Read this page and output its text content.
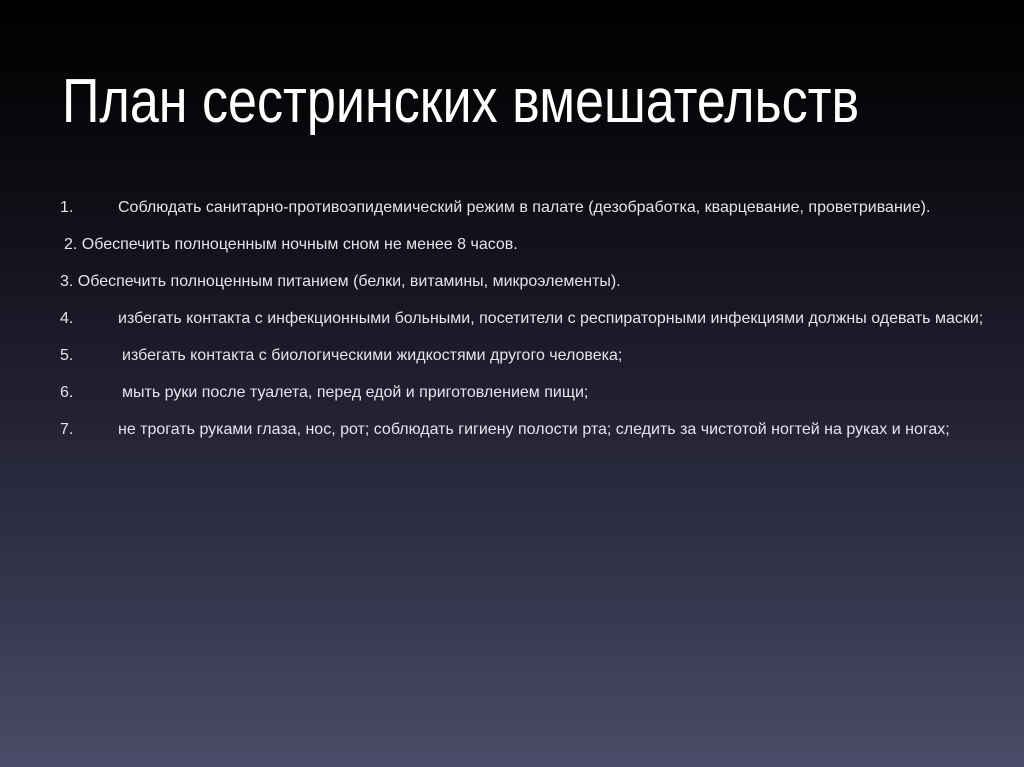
План сестринских вмешательств
1.	Соблюдать санитарно-противоэпидемический режим в палате (дезобработка, кварцевание, проветривание).
2. Обеспечить полноценным ночным сном не менее 8 часов.
3. Обеспечить полноценным питанием (белки, витамины, микроэлементы).
4.	избегать контакта с инфекционными больными, посетители с респираторными инфекциями должны одевать маски;
5.	избегать контакта с биологическими жидкостями другого человека;
6.	мыть руки после туалета, перед едой и приготовлением пищи;
7.	не трогать руками глаза, нос, рот; соблюдать гигиену полости рта; следить за чистотой ногтей на руках и ногах;
